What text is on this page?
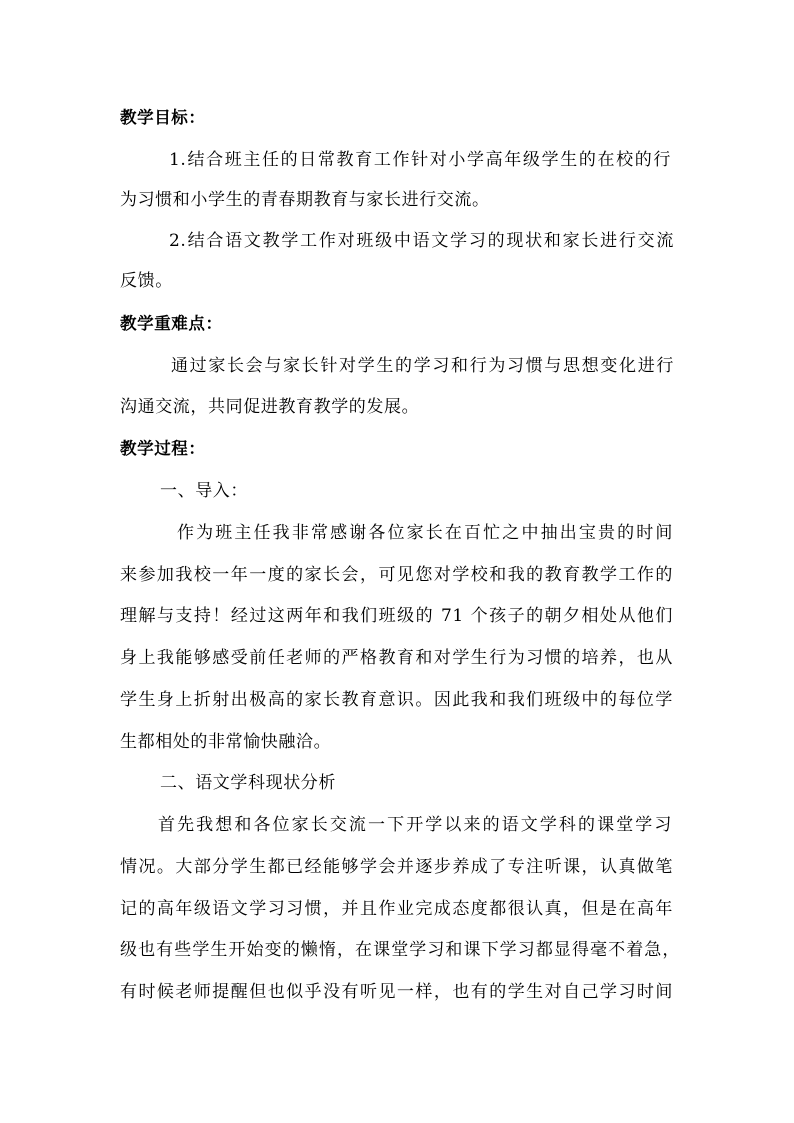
教学目标：
1.结合班主任的日常教育工作针对小学高年级学生的在校的行
为习惯和小学生的青春期教育与家长进行交流。
2.结合语文教学工作对班级中语文学习的现状和家长进行交流
反馈。
教学重难点：
通过家长会与家长针对学生的学习和行为习惯与思想变化进行
沟通交流，共同促进教育教学的发展。
教学过程：
一、导入：
作为班主任我非常感谢各位家长在百忙之中抽出宝贵的时间
来参加我校一年一度的家长会，可见您对学校和我的教育教学工作的
理解与支持！经过这两年和我们班级的 71 个孩子的朝夕相处从他们
身上我能够感受前任老师的严格教育和对学生行为习惯的培养，也从
学生身上折射出极高的家长教育意识。因此我和我们班级中的每位学
生都相处的非常愉快融洽。
二、语文学科现状分析
首先我想和各位家长交流一下开学以来的语文学科的课堂学习
情况。大部分学生都已经能够学会并逐步养成了专注听课，认真做笔
记的高年级语文学习习惯，并且作业完成态度都很认真，但是在高年
级也有些学生开始变的懒惰，在课堂学习和课下学习都显得毫不着急，
有时候老师提醒但也似乎没有听见一样，也有的学生对自己学习时间
